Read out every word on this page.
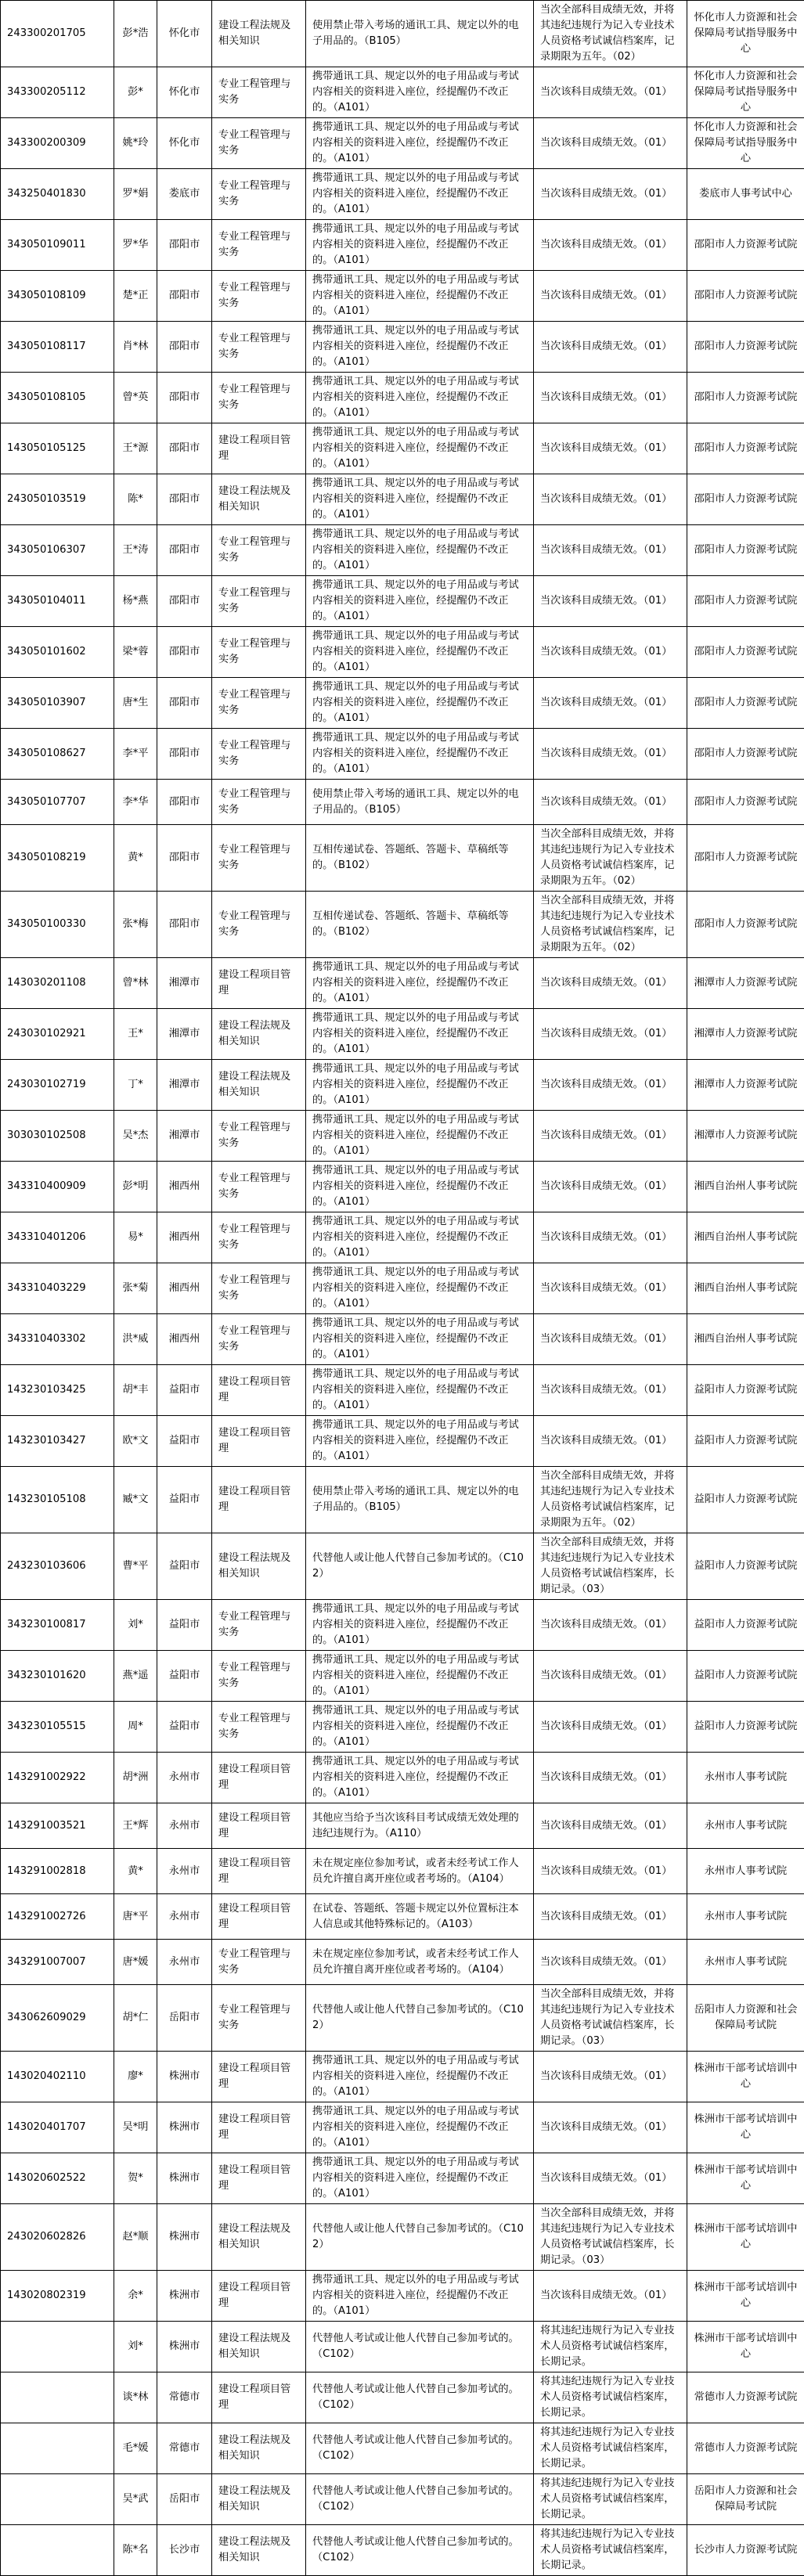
243300201705	彭*浩	怀化市	建设工程法规及相关知识	使用禁止带入考场的通讯工具、规定以外的电子用品的。（B105）	当次全部科目成绩无效，并将其违纪违规行为记入专业技术人员资格考试诚信档案库，记录期限为五年。（02）	怀化市人力资源和社会保障局考试指导服务中心
343300205112	彭*	怀化市	专业工程管理与实务	携带通讯工具、规定以外的电子用品或与考试内容相关的资料进入座位，经提醒仍不改正的。（A101）	当次该科目成绩无效。（01）	怀化市人力资源和社会保障局考试指导服务中心
343300200309	姚*玲	怀化市	专业工程管理与实务	携带通讯工具、规定以外的电子用品或与考试内容相关的资料进入座位，经提醒仍不改正的。（A101）	当次该科目成绩无效。（01）	怀化市人力资源和社会保障局考试指导服务中心
343250401830	罗*娟	娄底市	专业工程管理与实务	携带通讯工具、规定以外的电子用品或与考试内容相关的资料进入座位，经提醒仍不改正的。（A101）	当次该科目成绩无效。（01）	娄底市人事考试中心
343050109011	罗*华	邵阳市	专业工程管理与实务	携带通讯工具、规定以外的电子用品或与考试内容相关的资料进入座位，经提醒仍不改正的。（A101）	当次该科目成绩无效。（01）	邵阳市人力资源考试院
343050108109	楚*正	邵阳市	专业工程管理与实务	携带通讯工具、规定以外的电子用品或与考试内容相关的资料进入座位，经提醒仍不改正的。（A101）	当次该科目成绩无效。（01）	邵阳市人力资源考试院
343050108117	肖*林	邵阳市	专业工程管理与实务	携带通讯工具、规定以外的电子用品或与考试内容相关的资料进入座位，经提醒仍不改正的。（A101）	当次该科目成绩无效。（01）	邵阳市人力资源考试院
343050108105	曾*英	邵阳市	专业工程管理与实务	携带通讯工具、规定以外的电子用品或与考试内容相关的资料进入座位，经提醒仍不改正的。（A101）	当次该科目成绩无效。（01）	邵阳市人力资源考试院
143050105125	王*源	邵阳市	建设工程项目管理	携带通讯工具、规定以外的电子用品或与考试内容相关的资料进入座位，经提醒仍不改正的。（A101）	当次该科目成绩无效。（01）	邵阳市人力资源考试院
243050103519	陈*	邵阳市	建设工程法规及相关知识	携带通讯工具、规定以外的电子用品或与考试内容相关的资料进入座位，经提醒仍不改正的。（A101）	当次该科目成绩无效。（01）	邵阳市人力资源考试院
343050106307	王*涛	邵阳市	专业工程管理与实务	携带通讯工具、规定以外的电子用品或与考试内容相关的资料进入座位，经提醒仍不改正的。（A101）	当次该科目成绩无效。（01）	邵阳市人力资源考试院
343050104011	杨*燕	邵阳市	专业工程管理与实务	携带通讯工具、规定以外的电子用品或与考试内容相关的资料进入座位，经提醒仍不改正的。（A101）	当次该科目成绩无效。（01）	邵阳市人力资源考试院
343050101602	梁*蓉	邵阳市	专业工程管理与实务	携带通讯工具、规定以外的电子用品或与考试内容相关的资料进入座位，经提醒仍不改正的。（A101）	当次该科目成绩无效。（01）	邵阳市人力资源考试院
343050103907	唐*生	邵阳市	专业工程管理与实务	携带通讯工具、规定以外的电子用品或与考试内容相关的资料进入座位，经提醒仍不改正的。（A101）	当次该科目成绩无效。（01）	邵阳市人力资源考试院
343050108627	李*平	邵阳市	专业工程管理与实务	携带通讯工具、规定以外的电子用品或与考试内容相关的资料进入座位，经提醒仍不改正的。（A101）	当次该科目成绩无效。（01）	邵阳市人力资源考试院
343050107707	李*华	邵阳市	专业工程管理与实务	使用禁止带入考场的通讯工具、规定以外的电子用品的。（B105）	当次该科目成绩无效。（01）	邵阳市人力资源考试院
343050108219	黄*	邵阳市	专业工程管理与实务	互相传递试卷、答题纸、答题卡、草稿纸等的。（B102）	当次全部科目成绩无效，并将其违纪违规行为记入专业技术人员资格考试诚信档案库，记录期限为五年。（02）	邵阳市人力资源考试院
343050100330	张*梅	邵阳市	专业工程管理与实务	互相传递试卷、答题纸、答题卡、草稿纸等的。（B102）	当次全部科目成绩无效，并将其违纪违规行为记入专业技术人员资格考试诚信档案库，记录期限为五年。（02）	邵阳市人力资源考试院
143030201108	曾*林	湘潭市	建设工程项目管理	携带通讯工具、规定以外的电子用品或与考试内容相关的资料进入座位，经提醒仍不改正的。（A101）	当次该科目成绩无效。（01）	湘潭市人力资源考试院
243030102921	王*	湘潭市	建设工程法规及相关知识	携带通讯工具、规定以外的电子用品或与考试内容相关的资料进入座位，经提醒仍不改正的。（A101）	当次该科目成绩无效。（01）	湘潭市人力资源考试院
243030102719	丁*	湘潭市	建设工程法规及相关知识	携带通讯工具、规定以外的电子用品或与考试内容相关的资料进入座位，经提醒仍不改正的。（A101）	当次该科目成绩无效。（01）	湘潭市人力资源考试院
303030102508	吴*杰	湘潭市	专业工程管理与实务	携带通讯工具、规定以外的电子用品或与考试内容相关的资料进入座位，经提醒仍不改正的。（A101）	当次该科目成绩无效。（01）	湘潭市人力资源考试院
343310400909	彭*明	湘西州	专业工程管理与实务	携带通讯工具、规定以外的电子用品或与考试内容相关的资料进入座位，经提醒仍不改正的。（A101）	当次该科目成绩无效。（01）	湘西自治州人事考试院
343310401206	易*	湘西州	专业工程管理与实务	携带通讯工具、规定以外的电子用品或与考试内容相关的资料进入座位，经提醒仍不改正的。（A101）	当次该科目成绩无效。（01）	湘西自治州人事考试院
343310403229	张*菊	湘西州	专业工程管理与实务	携带通讯工具、规定以外的电子用品或与考试内容相关的资料进入座位，经提醒仍不改正的。（A101）	当次该科目成绩无效。（01）	湘西自治州人事考试院
343310403302	洪*威	湘西州	专业工程管理与实务	携带通讯工具、规定以外的电子用品或与考试内容相关的资料进入座位，经提醒仍不改正的。（A101）	当次该科目成绩无效。（01）	湘西自治州人事考试院
143230103425	胡*丰	益阳市	建设工程项目管理	携带通讯工具、规定以外的电子用品或与考试内容相关的资料进入座位，经提醒仍不改正的。（A101）	当次该科目成绩无效。（01）	益阳市人力资源考试院
143230103427	欧*文	益阳市	建设工程项目管理	携带通讯工具、规定以外的电子用品或与考试内容相关的资料进入座位，经提醒仍不改正的。（A101）	当次该科目成绩无效。（01）	益阳市人力资源考试院
143230105108	臧*文	益阳市	建设工程项目管理	使用禁止带入考场的通讯工具、规定以外的电子用品的。（B105）	当次全部科目成绩无效，并将其违纪违规行为记入专业技术人员资格考试诚信档案库，记录期限为五年。（02）	益阳市人力资源考试院
243230103606	曹*平	益阳市	建设工程法规及相关知识	代替他人或让他人代替自己参加考试的。（C102）	当次全部科目成绩无效，并将其违纪违规行为记入专业技术人员资格考试诚信档案库，长期记录。（03）	益阳市人力资源考试院
343230100817	刘*	益阳市	专业工程管理与实务	携带通讯工具、规定以外的电子用品或与考试内容相关的资料进入座位，经提醒仍不改正的。（A101）	当次该科目成绩无效。（01）	益阳市人力资源考试院
343230101620	燕*遥	益阳市	专业工程管理与实务	携带通讯工具、规定以外的电子用品或与考试内容相关的资料进入座位，经提醒仍不改正的。（A101）	当次该科目成绩无效。（01）	益阳市人力资源考试院
343230105515	周*	益阳市	专业工程管理与实务	携带通讯工具、规定以外的电子用品或与考试内容相关的资料进入座位，经提醒仍不改正的。（A101）	当次该科目成绩无效。（01）	益阳市人力资源考试院
143291002922	胡*洲	永州市	建设工程项目管理	携带通讯工具、规定以外的电子用品或与考试内容相关的资料进入座位，经提醒仍不改正的。（A101）	当次该科目成绩无效。（01）	永州市人事考试院
143291003521	王*辉	永州市	建设工程项目管理	其他应当给予当次该科目考试成绩无效处理的违纪违规行为。（A110）	当次该科目成绩无效。（01）	永州市人事考试院
143291002818	黄*	永州市	建设工程项目管理	未在规定座位参加考试，或者未经考试工作人员允许擅自离开座位或者考场的。（A104）	当次该科目成绩无效。（01）	永州市人事考试院
143291002726	唐*平	永州市	建设工程项目管理	在试卷、答题纸、答题卡规定以外位置标注本人信息或其他特殊标记的。（A103）	当次该科目成绩无效。（01）	永州市人事考试院
343291007007	唐*媛	永州市	专业工程管理与实务	未在规定座位参加考试，或者未经考试工作人员允许擅自离开座位或者考场的。（A104）	当次该科目成绩无效。（01）	永州市人事考试院
343062609029	胡*仁	岳阳市	专业工程管理与实务	代替他人或让他人代替自己参加考试的。（C102）	当次全部科目成绩无效，并将其违纪违规行为记入专业技术人员资格考试诚信档案库，长期记录。（03）	岳阳市人力资源和社会保障局考试院
143020402110	廖*	株洲市	建设工程项目管理	携带通讯工具、规定以外的电子用品或与考试内容相关的资料进入座位，经提醒仍不改正的。（A101）	当次该科目成绩无效。（01）	株洲市干部考试培训中心
143020401707	吴*明	株洲市	建设工程项目管理	携带通讯工具、规定以外的电子用品或与考试内容相关的资料进入座位，经提醒仍不改正的。（A101）	当次该科目成绩无效。（01）	株洲市干部考试培训中心
143020602522	贺*	株洲市	建设工程项目管理	携带通讯工具、规定以外的电子用品或与考试内容相关的资料进入座位，经提醒仍不改正的。（A101）	当次该科目成绩无效。（01）	株洲市干部考试培训中心
243020602826	赵*顺	株洲市	建设工程法规及相关知识	代替他人或让他人代替自己参加考试的。（C102）	当次全部科目成绩无效，并将其违纪违规行为记入专业技术人员资格考试诚信档案库，长期记录。（03）	株洲市干部考试培训中心
143020802319	余*	株洲市	建设工程项目管理	携带通讯工具、规定以外的电子用品或与考试内容相关的资料进入座位，经提醒仍不改正的。（A101）	当次该科目成绩无效。（01）	株洲市干部考试培训中心
	刘*	株洲市	建设工程法规及相关知识	代替他人考试或让他人代替自己参加考试的。（C102）	将其违纪违规行为记入专业技术人员资格考试诚信档案库，长期记录。	株洲市干部考试培训中心
	谈*林	常德市	建设工程项目管理	代替他人考试或让他人代替自己参加考试的。（C102）	将其违纪违规行为记入专业技术人员资格考试诚信档案库，长期记录。	常德市人力资源考试院
	毛*媛	常德市	建设工程法规及相关知识	代替他人考试或让他人代替自己参加考试的。（C102）	将其违纪违规行为记入专业技术人员资格考试诚信档案库，长期记录。	常德市人力资源考试院
	吴*武	岳阳市	建设工程法规及相关知识	代替他人考试或让他人代替自己参加考试的。（C102）	将其违纪违规行为记入专业技术人员资格考试诚信档案库，长期记录。	岳阳市人力资源和社会保障局考试院
	陈*名	长沙市	建设工程法规及相关知识	代替他人考试或让他人代替自己参加考试的。（C102）	将其违纪违规行为记入专业技术人员资格考试诚信档案库，长期记录。	长沙市人力资源考试院
